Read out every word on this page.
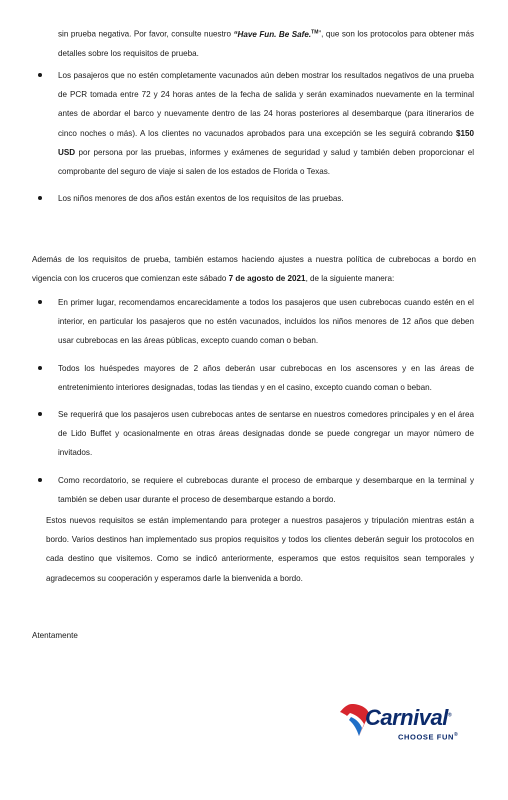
sin prueba negativa. Por favor, consulte nuestro “Have Fun. Be Safe.™”, que son los protocolos para obtener más detalles sobre los requisitos de prueba.

Los pasajeros que no estén completamente vacunados aún deben mostrar los resultados negativos de una prueba de PCR tomada entre 72 y 24 horas antes de la fecha de salida y serán examinados nuevamente en la terminal antes de abordar el barco y nuevamente dentro de las 24 horas posteriores al desembarque (para itinerarios de cinco noches o más). A los clientes no vacunados aprobados para una excepción se les seguirá cobrando $150 USD por persona por las pruebas, informes y exámenes de seguridad y salud y también deben proporcionar el comprobante del seguro de viaje si salen de los estados de Florida o Texas.

Los niños menores de dos años están exentos de los requisitos de las pruebas.

Además de los requisitos de prueba, también estamos haciendo ajustes a nuestra política de cubrebocas a bordo en vigencia con los cruceros que comienzan este sábado 7 de agosto de 2021, de la siguiente manera:

En primer lugar, recomendamos encarecidamente a todos los pasajeros que usen cubrebocas cuando estén en el interior, en particular los pasajeros que no estén vacunados, incluidos los niños menores de 12 años que deben usar cubrebocas en las áreas públicas, excepto cuando coman o beban.

Todos los huéspedes mayores de 2 años deberán usar cubrebocas en los ascensores y en las áreas de entretenimiento interiores designadas, todas las tiendas y en el casino, excepto cuando coman o beban.

Se requerirá que los pasajeros usen cubrebocas antes de sentarse en nuestros comedores principales y en el área de Lido Buffet y ocasionalmente en otras áreas designadas donde se puede congregar un mayor número de invitados.

Como recordatorio, se requiere el cubrebocas durante el proceso de embarque y desembarque en la terminal y también se deben usar durante el proceso de desembarque estando a bordo.

Estos nuevos requisitos se están implementando para proteger a nuestros pasajeros y tripulación mientras están a bordo. Varios destinos han implementado sus propios requisitos y todos los clientes deberán seguir los protocolos en cada destino que visitemos. Como se indicó anteriormente, esperamos que estos requisitos sean temporales y agradecemos su cooperación y esperamos darle la bienvenida a bordo.

Atentamente
Carnival®
CHOOSE FUN®
